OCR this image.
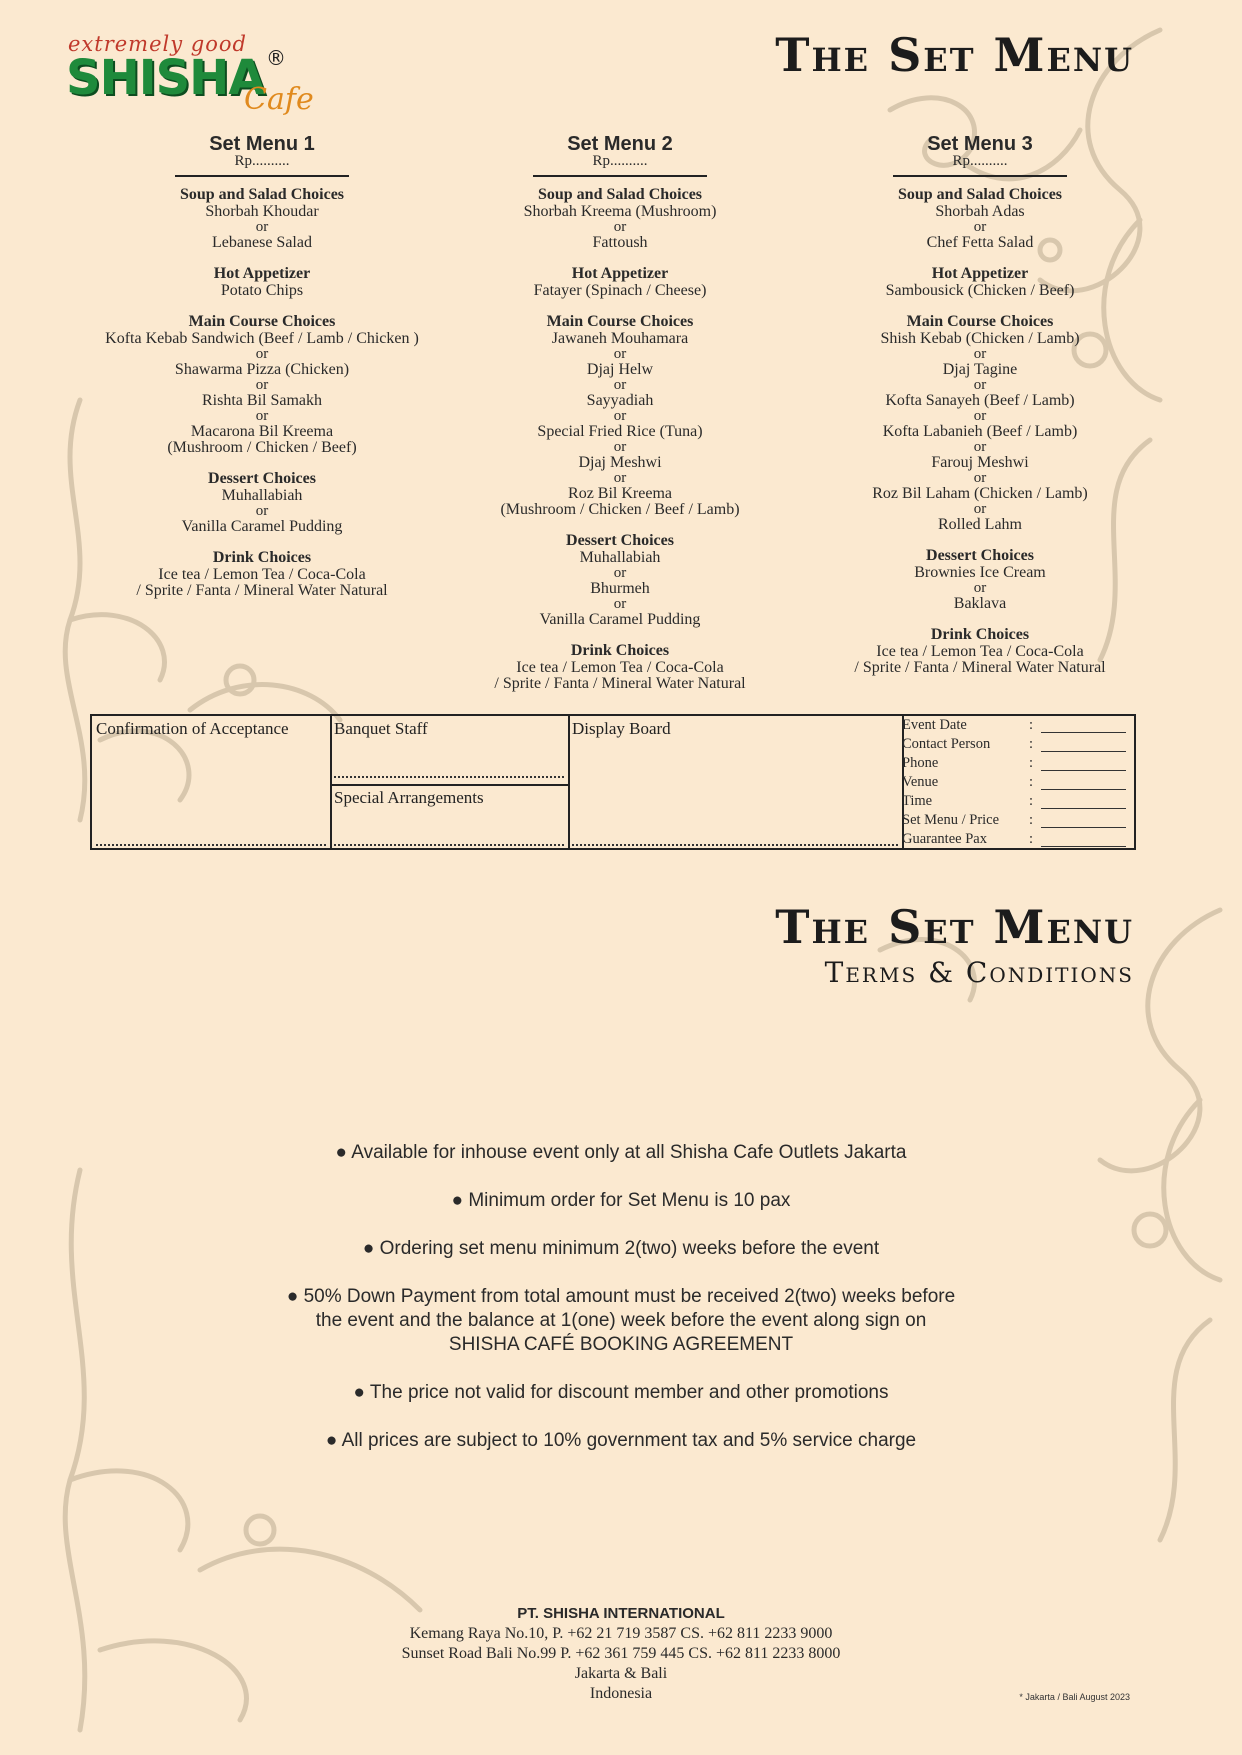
extremely good
SHISHA ®
Cafe
The Set Menu
Set Menu 1
Rp..........
Soup and Salad Choices
Shorbah Khoudar
or
Lebanese Salad
Hot Appetizer
Potato Chips
Main Course Choices
Kofta Kebab Sandwich (Beef / Lamb / Chicken )
or
Shawarma Pizza (Chicken)
or
Rishta Bil Samakh
or
Macarona Bil Kreema
(Mushroom / Chicken / Beef)
Dessert Choices
Muhallabiah
or
Vanilla Caramel Pudding
Drink Choices
Ice tea / Lemon Tea / Coca-Cola
/ Sprite / Fanta / Mineral Water Natural
Set Menu 2
Rp..........
Soup and Salad Choices
Shorbah Kreema (Mushroom)
or
Fattoush
Hot Appetizer
Fatayer (Spinach / Cheese)
Main Course Choices
Jawaneh Mouhamara
or
Djaj Helw
or
Sayyadiah
or
Special Fried Rice (Tuna)
or
Djaj Meshwi
or
Roz Bil Kreema
(Mushroom / Chicken / Beef / Lamb)
Dessert Choices
Muhallabiah
or
Bhurmeh
or
Vanilla Caramel Pudding
Drink Choices
Ice tea / Lemon Tea / Coca-Cola
/ Sprite / Fanta / Mineral Water Natural
Set Menu 3
Rp..........
Soup and Salad Choices
Shorbah Adas
or
Chef Fetta Salad
Hot Appetizer
Sambousick (Chicken / Beef)
Main Course Choices
Shish Kebab (Chicken / Lamb)
or
Djaj Tagine
or
Kofta Sanayeh (Beef / Lamb)
or
Kofta Labanieh (Beef / Lamb)
or
Farouj Meshwi
or
Roz Bil Laham (Chicken / Lamb)
or
Rolled Lahm
Dessert Choices
Brownies Ice Cream
or
Baklava
Drink Choices
Ice tea / Lemon Tea / Coca-Cola
/ Sprite / Fanta / Mineral Water Natural
Confirmation of Acceptance	Banquet Staff
Special Arrangements
Display Board	Event Date	:
Contact Person	:
Phone	:
Venue	:
Time	:
Set Menu / Price :
Guarantee Pax	:
The Set Menu
Terms & Conditions

● Available for inhouse event only at all Shisha Cafe Outlets Jakarta

● Minimum order for Set Menu is 10 pax

● Ordering set menu minimum 2(two) weeks before the event

● 50% Down Payment from total amount must be received 2(two) weeks before
the event and the balance at 1(one) week before the event along sign on
SHISHA CAFÉ BOOKING AGREEMENT

● The price not valid for discount member and other promotions

● All prices are subject to 10% government tax and 5% service charge

PT. SHISHA INTERNATIONAL
Kemang Raya No.10, P. +62 21 719 3587 CS. +62 811 2233 9000
Sunset Road Bali No.99 P. +62 361 759 445 CS. +62 811 2233 8000
Jakarta & Bali
Indonesia	* Jakarta / Bali August 2023
